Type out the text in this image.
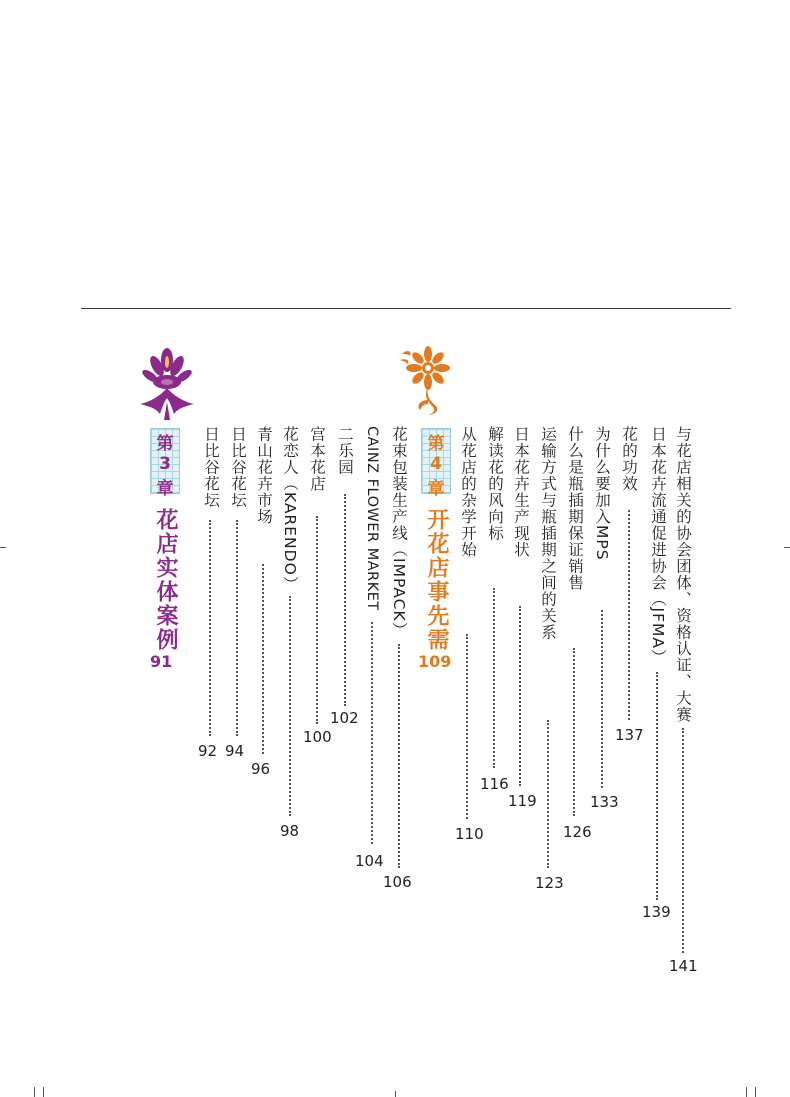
与花店相关的协会团体、资格认证、大赛
141
日本花卉流通促进协会（JFMA）
139
花的功效
137
为什么要加入MPS
133
什么是瓶插期保证销售
126
运输方式与瓶插期之间的关系
123
日本花卉生产现状
119
解读花的风向标
116
从花店的杂学开始
110
第
4
章
开花店事先需
109
花束包装生产线（IMPACK）
106
CAINZ FLOWER MARKET
104
二乐园
102
宫本花店
100
花恋人（KARENDO）
98
青山花卉市场
96
日比谷花坛
94
日比谷花坛
92
第
3
章
花店实体案例
91
